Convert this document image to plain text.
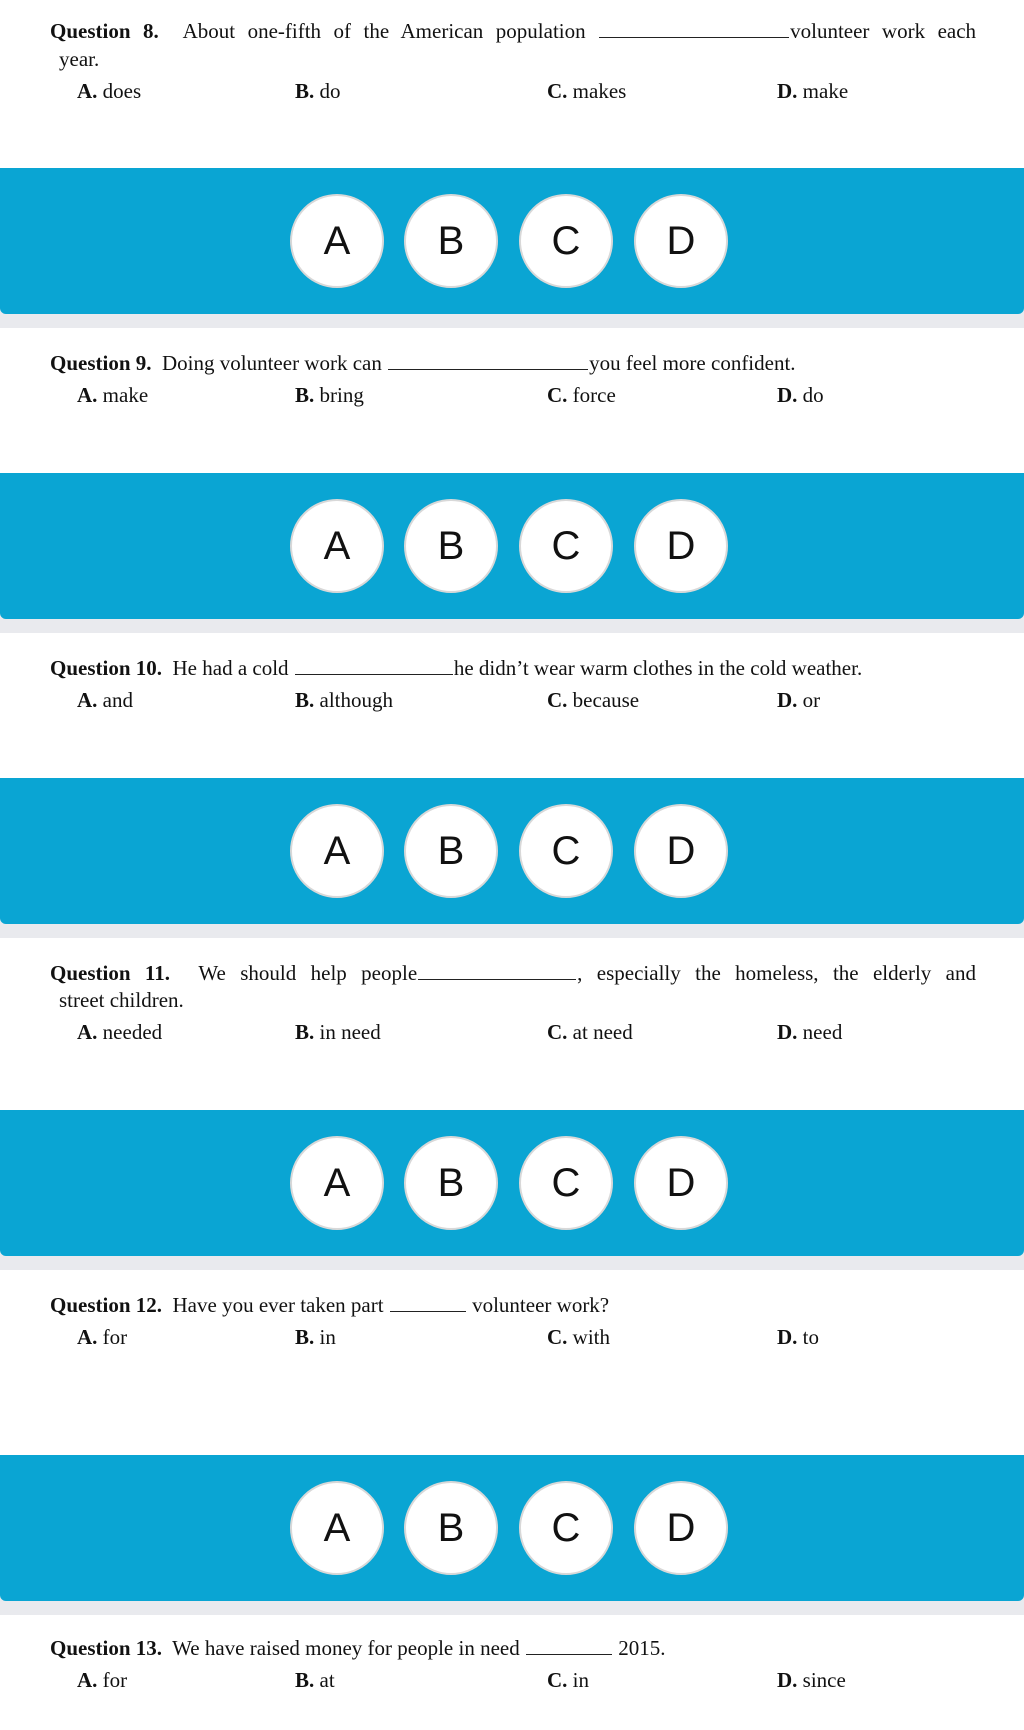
Question 8. About one-fifth of the American population	volunteer work each
year.
A. does	B. do	C. makes	D. make
A	B	C	D
Question 9. Doing volunteer work can	you feel more confident.
A. make	B. bring	C. force	D. do
A	B	C	D
Question 10. He had a cold	he didn’t wear warm clothes in the cold weather.
A. and	B. although	C. because	D. or
A	B	C	D
Question 11. We should help people	, especially the homeless, the elderly and
street children.
A. needed	B. in need	C. at need	D. need
A	B	C	D
Question 12. Have you ever taken part	volunteer work?
A. for	B. in	C. with	D. to
A	B	C	D
Question 13. We have raised money for people in need	2015.
A. for	B. at	C. in	D. since
